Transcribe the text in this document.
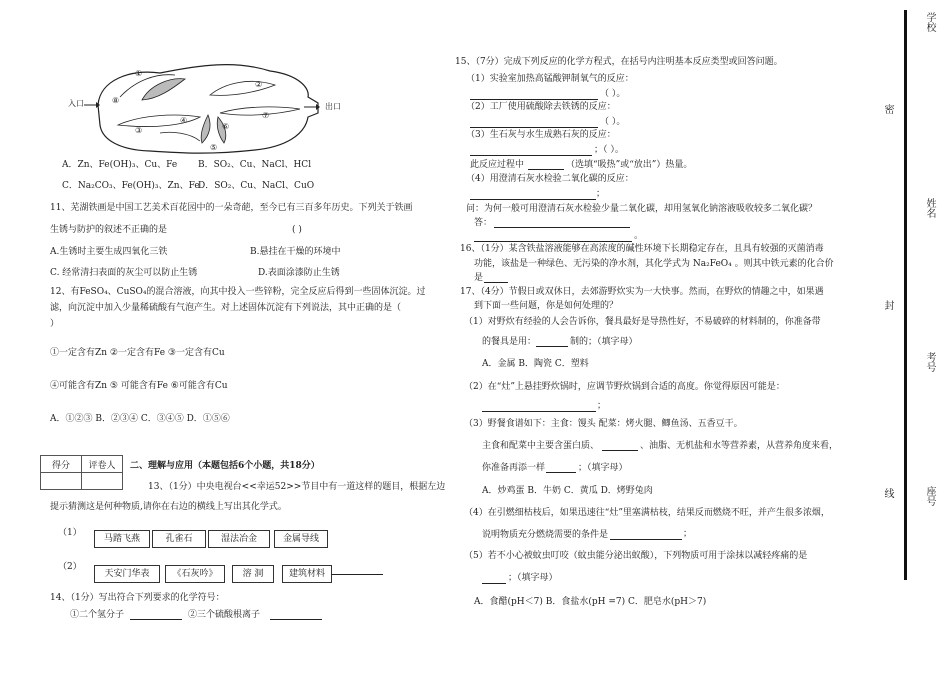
入口	出口
①
②
③
④
⑤
⑥
⑦
⑧
A．Zn、Fe(OH)₃、Cu、Fe B．SO₂、Cu、NaCl、HCl
C．Na₂CO₃、Fe(OH)₃、Zn、Fe
D．SO₂、Cu、NaCl、CuO
11、芜湖铁画是中国工艺美术百花园中的一朵奇葩，至今已有三百多年历史。下列关于铁画
生锈与防护的叙述不正确的是	( )
A.生锈时主要生成四氧化三铁	B.悬挂在干燥的环境中
C. 经常清扫表面的灰尘可以防止生锈	D.表面涂漆防止生锈
12、有FeSO₄、CuSO₄的混合溶液，向其中投入一些锌粉，完全反应后得到一些固体沉淀。过
滤，向沉淀中加入少量稀硫酸有气泡产生。对上述固体沉淀有下列说法，其中正确的是（
）
①一定含有Zn ②一定含有Fe ③一定含有Cu
④可能含有Zn ⑤ 可能含有Fe ⑥可能含有Cu
A．①②③ B．②③④ C．③④⑤ D．①⑤⑥
得分	评卷人
	二、理解与应用（本题包括6个小题，共18分）
13、（1分）中央电视台<<幸运52>>节目中有一道这样的题目，根据左边
提示猜测这是何种物质,请你在右边的横线上写出其化学式。
（1）
马踏飞燕	孔雀石	湿法冶金	金属导线
（2）
天安门华表	《石灰吟》	溶 洞	建筑材料
14、（1分）写出符合下列要求的化学符号：
①二个氢分子	②三个硫酸根离子
15、（7分）完成下列反应的化学方程式，在括号内注明基本反应类型或回答问题。
（1）实验室加热高锰酸钾制氧气的反应：
（ ）。
（2）工厂使用硫酸除去铁锈的反应：
（ ）。
（3）生石灰与水生成熟石灰的反应：
；（ ）。
此反应过程中	（选填“吸热”或“放出”）热量。
（4）用澄清石灰水检验二氧化碳的反应：
；
问：为何一般可用澄清石灰水检验少量二氧化碳，却用氢氧化钠溶液吸收较多二氧化碳？
答：
。
16、（1分）某含铁盐溶液能够在高浓度的碱性环境下长期稳定存在，且具有较强的灭菌消毒
功能，该盐是一种绿色、无污染的净水剂，其化学式为 Na₂FeO₄ 。则其中铁元素的化合价
是
17、（4分）节假日或双休日，去郊游野炊实为一大快事。然而，在野炊的情趣之中，如果遇
到下面一些问题，你是如何处理的？
（1）对野炊有经验的人会告诉你，餐具最好是导热性好，不易破碎的材料制的，你准备带
的餐具是用：	制的；（填字母）
A．金属 B．陶瓷 C．塑料
（2）在“灶”上悬挂野炊锅时，应调节野炊锅到合适的高度。你觉得原因可能是：
；
（3）野餐食谱如下：主食：馒头 配菜：烤火腿、鲫鱼汤、五香豆干。
主食和配菜中主要含蛋白质、	、油脂、无机盐和水等营养素，从营养角度来看，
你准备再添一样	；（填字母）
A．炒鸡蛋 B．牛奶 C．黄瓜 D．烤野兔肉
（4）在引燃细枯枝后，如果迅速往“灶”里塞满枯枝，结果反而燃烧不旺，并产生很多浓烟，
说明物质充分燃烧需要的条件是	；
（5）若不小心被蚊虫叮咬（蚊虫能分泌出蚁酸），下列物质可用于涂抹以减轻疼痛的是
；（填字母）
A．食醋(pH＜7) B．食盐水(pH =7) C．肥皂水(pH＞7)
学校
密
姓名
封
考号
线	座号
